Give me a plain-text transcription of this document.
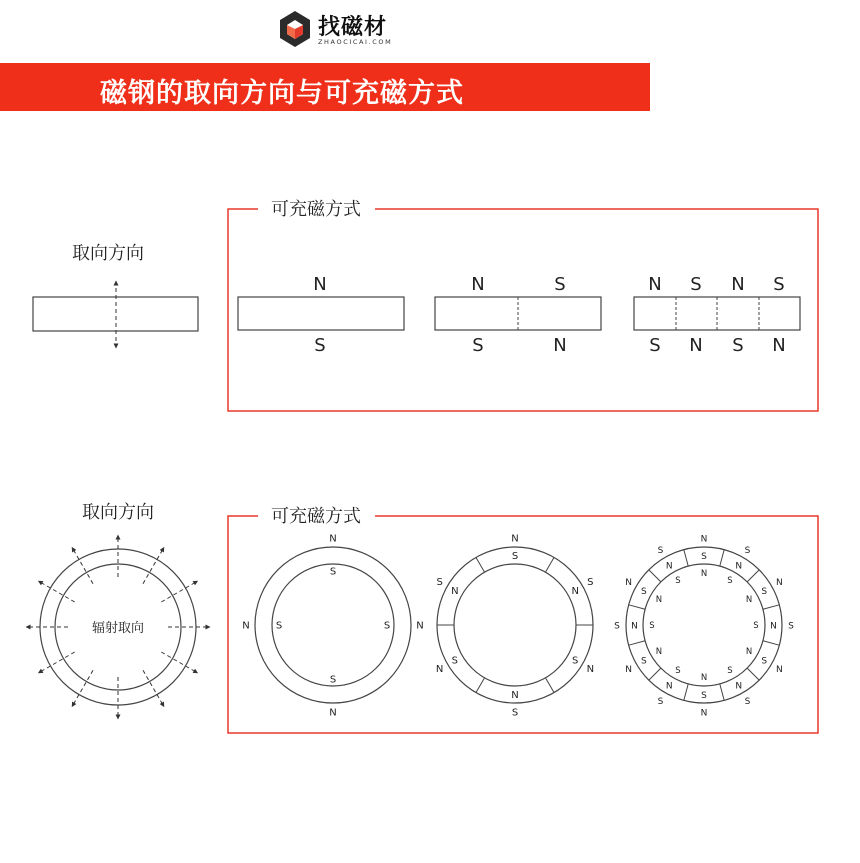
找磁材
ZHAOCICAI.COM
磁钢的取向方向与可充磁方式
取向方向
可充磁方式
N
S
N	S
S	N
N S N S
S N S N
取向方向
辐射取向
可充磁方式
N
S
N
S
N
S
N	S
N
S
S
N
N
S
S
N
N
S
S
N
N
S
N
S
N
S	N
S
N
S
N
S
N
S
N
S
N
S
N
S
N
S
N
S
N
S
N
S N S
N
S
N
S
N
S
